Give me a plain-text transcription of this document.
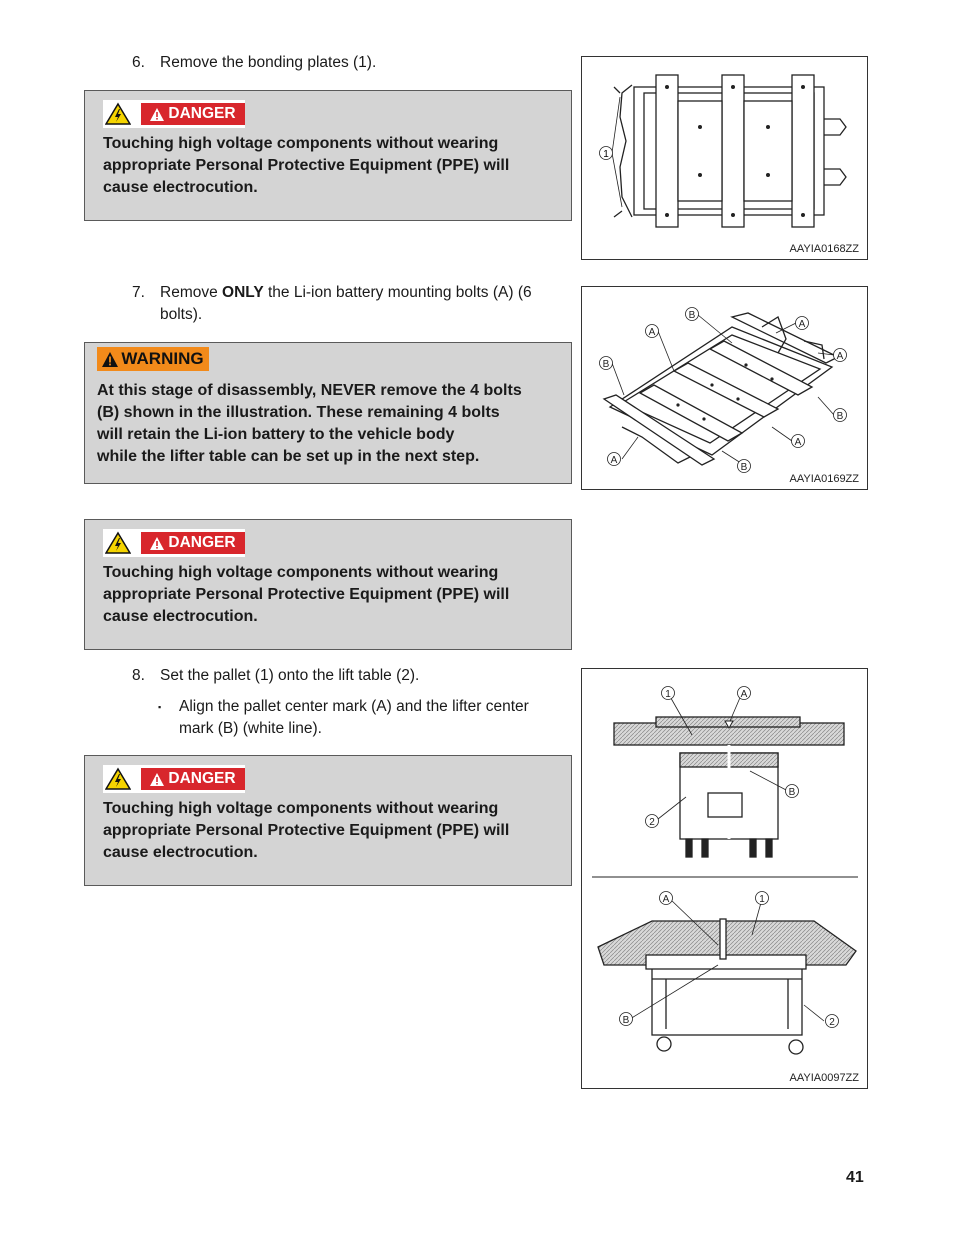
6. Remove the bonding plates (1).
DANGER
Touching high voltage components without wearing
appropriate Personal Protective Equipment (PPE) will
cause electrocution.
1
AAYIA0168ZZ
7. Remove ONLY the Li-ion battery mounting bolts (A) (6
bolts).
WARNING
At this stage of disassembly, NEVER remove the 4 bolts
(B) shown in the illustration. These remaining 4 bolts
will retain the Li-ion battery to the vehicle body
while the lifter table can be set up in the next step.
A
B
A
A
B
B
A
A
B
AAYIA0169ZZ
DANGER
Touching high voltage components without wearing
appropriate Personal Protective Equipment (PPE) will
cause electrocution.
8. Set the pallet (1) onto the lift table (2).
▪ Align the pallet center mark (A) and the lifter center
mark (B) (white line).
DANGER
Touching high voltage components without wearing
appropriate Personal Protective Equipment (PPE) will
cause electrocution.
1	A
B
2
A	1
B	2
AAYIA0097ZZ
41
